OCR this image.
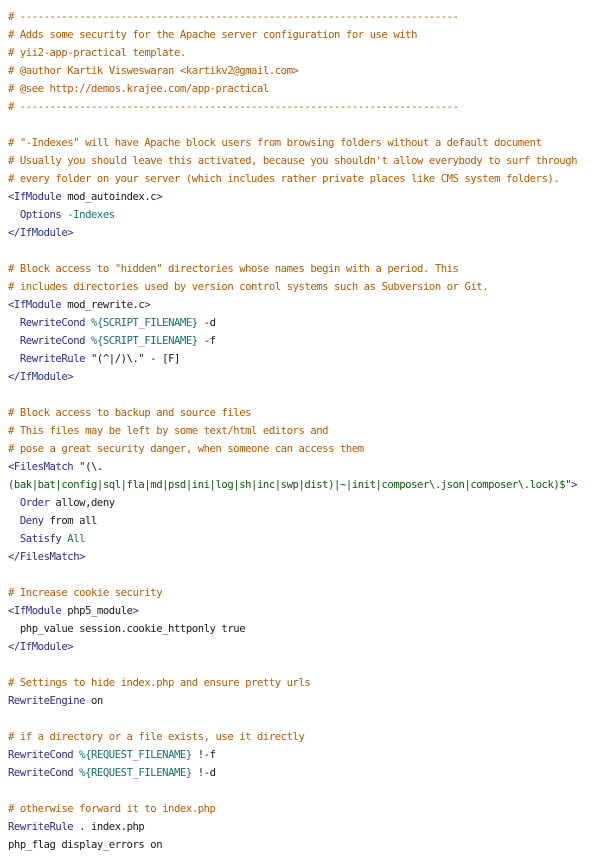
# --------------------------------------------------------------------------
# Adds some security for the Apache server configuration for use with
# yii2-app-practical template.
# @author Kartik Visweswaran <kartikv2@gmail.com>
# @see http://demos.krajee.com/app-practical
# --------------------------------------------------------------------------

# "-Indexes" will have Apache block users from browsing folders without a default document
# Usually you should leave this activated, because you shouldn't allow everybody to surf through
# every folder on your server (which includes rather private places like CMS system folders).
<IfModule mod_autoindex.c>
Options -Indexes
</IfModule>

# Block access to "hidden" directories whose names begin with a period. This
# includes directories used by version control systems such as Subversion or Git.
<IfModule mod_rewrite.c>
RewriteCond %{SCRIPT_FILENAME} -d
RewriteCond %{SCRIPT_FILENAME} -f
RewriteRule "(^|/)\." - [F]
</IfModule>

# Block access to backup and source files
# This files may be left by some text/html editors and
# pose a great security danger, when someone can access them
<FilesMatch "(\.
(bak|bat|config|sql|fla|md|psd|ini|log|sh|inc|swp|dist)|~|init|composer\.json|composer\.lock)$">
Order allow,deny
Deny from all
Satisfy All
</FilesMatch>

# Increase cookie security
<IfModule php5_module>
php_value session.cookie_httponly true
</IfModule>

# Settings to hide index.php and ensure pretty urls
RewriteEngine on

# if a directory or a file exists, use it directly
RewriteCond %{REQUEST_FILENAME} !-f
RewriteCond %{REQUEST_FILENAME} !-d

# otherwise forward it to index.php
RewriteRule . index.php
php_flag display_errors on
